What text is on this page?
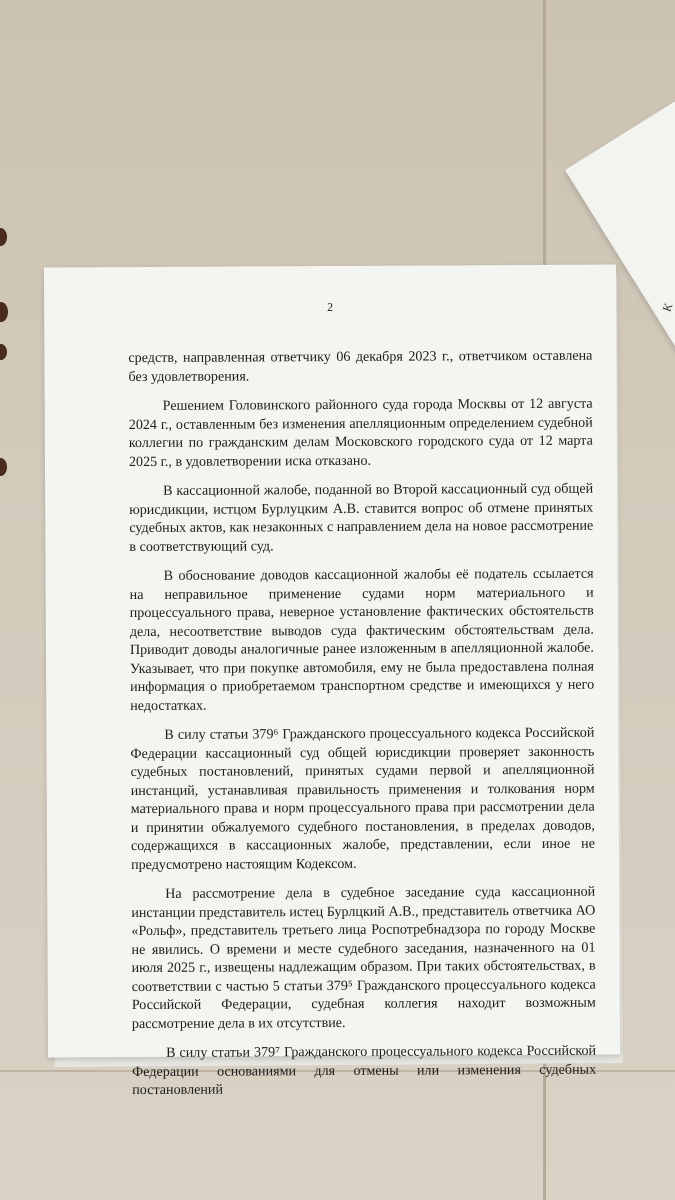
К
2

средств, направленная ответчику 06 декабря 2023 г., ответчиком оставлена без удовлетворения.

Решением Головинского районного суда города Москвы от 12 августа 2024 г., оставленным без изменения апелляционным определением судебной коллегии по гражданским делам Московского городского суда от 12 марта 2025 г., в удовлетворении иска отказано.

В кассационной жалобе, поданной во Второй кассационный суд общей юрисдикции, истцом Бурлуцким А.В. ставится вопрос об отмене принятых судебных актов, как незаконных с направлением дела на новое рассмотрение в соответствующий суд.

В обоснование доводов кассационной жалобы её податель ссылается на неправильное применение судами норм материального и процессуального права, неверное установление фактических обстоятельств дела, несоответствие выводов суда фактическим обстоятельствам дела. Приводит доводы аналогичные ранее изложенным в апелляционной жалобе. Указывает, что при покупке автомобиля, ему не была предоставлена полная информация о приобретаемом транспортном средстве и имеющихся у него недостатках.

В силу статьи 379⁶ Гражданского процессуального кодекса Российской Федерации кассационный суд общей юрисдикции проверяет законность судебных постановлений, принятых судами первой и апелляционной инстанций, устанавливая правильность применения и толкования норм материального права и норм процессуального права при рассмотрении дела и принятии обжалуемого судебного постановления, в пределах доводов, содержащихся в кассационных жалобе, представлении, если иное не предусмотрено настоящим Кодексом.

На рассмотрение дела в судебное заседание суда кассационной инстанции представитель истец Бурлцкий А.В., представитель ответчика АО «Рольф», представитель третьего лица Роспотребнадзора по городу Москве не явились. О времени и месте судебного заседания, назначенного на 01 июля 2025 г., извещены надлежащим образом. При таких обстоятельствах, в соответствии с частью 5 статьи 379⁵ Гражданского процессуального кодекса Российской Федерации, судебная коллегия находит возможным рассмотрение дела в их отсутствие.

В силу статьи 379⁷ Гражданского процессуального кодекса Российской Федерации основаниями для отмены или изменения судебных постановлений
